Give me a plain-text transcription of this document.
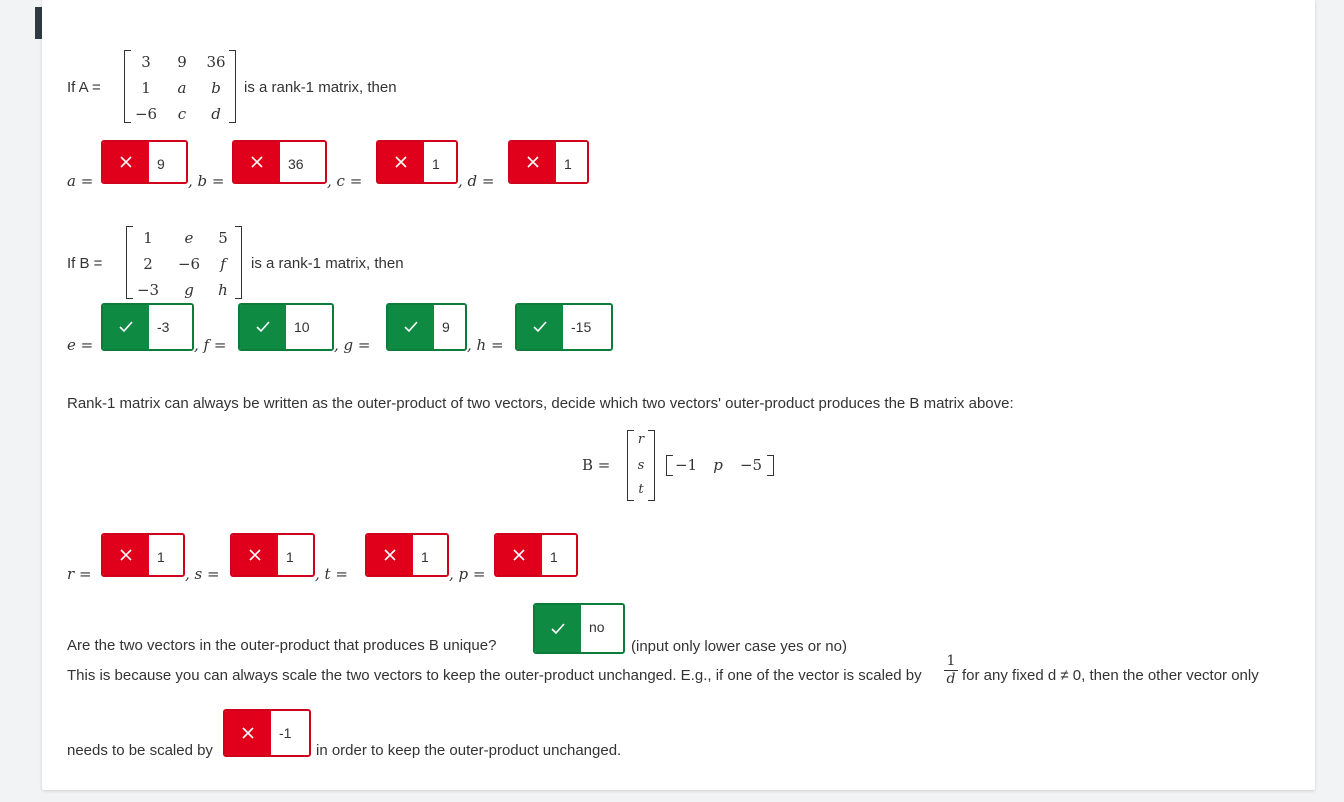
If A =
3	9	36
1	a	b
−6	c	d
is a rank-1 matrix, then
a =
9
, b =
36
, c =
1
, d =
1
If B =
1	e	5
2	−6	f
−3	g	h
is a rank-1 matrix, then
e =
-3
, f =
10
, g =
9
, h =
-15
Rank-1 matrix can always be written as the outer-product of two vectors, decide which two vectors' outer-product produces the B matrix above:
B =
r
s
t
−1	p	−5
r =
1
, s =
1
, t =
1
, p =
1
Are the two vectors in the outer-product that produces B unique?
no
(input only lower case yes or no)
This is because you can always scale the two vectors to keep the outer-product unchanged. E.g., if one of the vector is scaled by
1
d for any fixed d ≠ 0, then the other vector only
needs to be scaled by
-1
in order to keep the outer-product unchanged.
